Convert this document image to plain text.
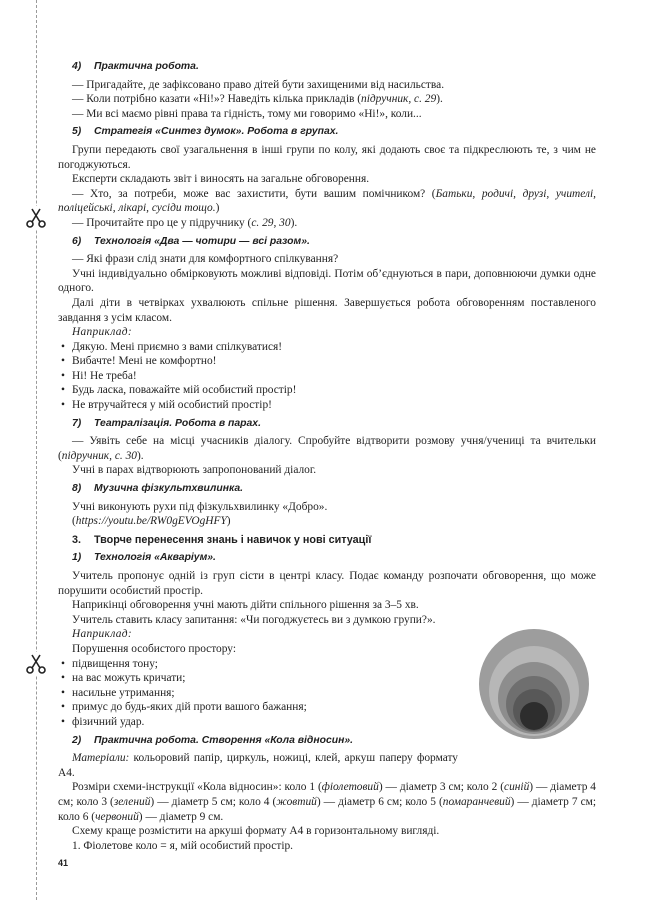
4) Практична робота.
— Пригадайте, де зафіксовано право дітей бути захищеними від насильства.
— Коли потрібно казати «Ні!»? Наведіть кілька прикладів (підручник, с. 29).
— Ми всі маємо рівні права та гідність, тому ми говоримо «Ні!», коли...
5) Стратегія «Синтез думок». Робота в групах.

Групи передають свої узагальнення в інші групи по колу, які додають своє та підкреслюють те, з чим не погоджуються.

Експерти складають звіт і виносять на загальне обговорення.

— Хто, за потреби, може вас захистити, бути вашим помічником? (Батьки, родичі, друзі, учителі, поліцейські, лікарі, сусіди тощо.)

— Прочитайте про це у підручнику (с. 29, 30).

6) Технологія «Два — чотири — всі разом».

— Які фрази слід знати для комфортного спілкування?

Учні індивідуально обмірковують можливі відповіді. Потім об’єднуються в пари, доповнюючи думки одне одного.

Далі діти в четвірках ухвалюють спільне рішення. Завершується робота обговоренням поставленого завдання з усім класом.

Наприклад:
• Дякую. Мені приємно з вами спілкуватися!
• Вибачте! Мені не комфортно!
• Ні! Не треба!
• Будь ласка, поважайте мій особистий простір!
• Не втручайтеся у мій особистий простір!
7) Театралізація. Робота в парах.

— Уявіть себе на місці учасників діалогу. Спробуйте відтворити розмову учня/учениці та вчительки (підручник, с. 30).

Учні в парах відтворюють запропонований діалог.

8) Музична фізкультхвилинка.

Учні виконують рухи під фізкульхвилинку «Добро».

(https://youtu.be/RW0gEVOgHFY)

3. Творче перенесення знань і навичок у нові ситуації
1) Технологія «Акваріум».

Учитель пропонує одній із груп сісти в центрі класу. Подає команду розпочати обговорення, що може порушити особистий простір.

Наприкінці обговорення учні мають дійти спільного рішення за 3–5 хв.

Учитель ставить класу запитання: «Чи погоджуєтесь ви з думкою групи?».

Наприклад:
Порушення особистого простору:
• підвищення тону;
• на вас можуть кричати;
• насильне утримання;
• примус до будь-яких дій проти вашого бажання;
• фізичний удар.
2) Практична робота. Створення «Кола відносин».

Матеріали: кольоровий папір, циркуль, ножиці, клей, аркуш паперу формату А4.

Розміри схеми-інструкції «Кола відносин»: коло 1 (фіолетовий) — діаметр 3 см; коло 2 (синій) — діаметр 4 см; коло 3 (зелений) — діаметр 5 см; коло 4 (жовтий) — діаметр 6 см; коло 5 (помаранчевий) — діаметр 7 см; коло 6 (червоний) — діаметр 9 см.

Схему краще розмістити на аркуші формату А4 в горизонтальному вигляді.

1. Фіолетове коло = я, мій особистий простір.
41
